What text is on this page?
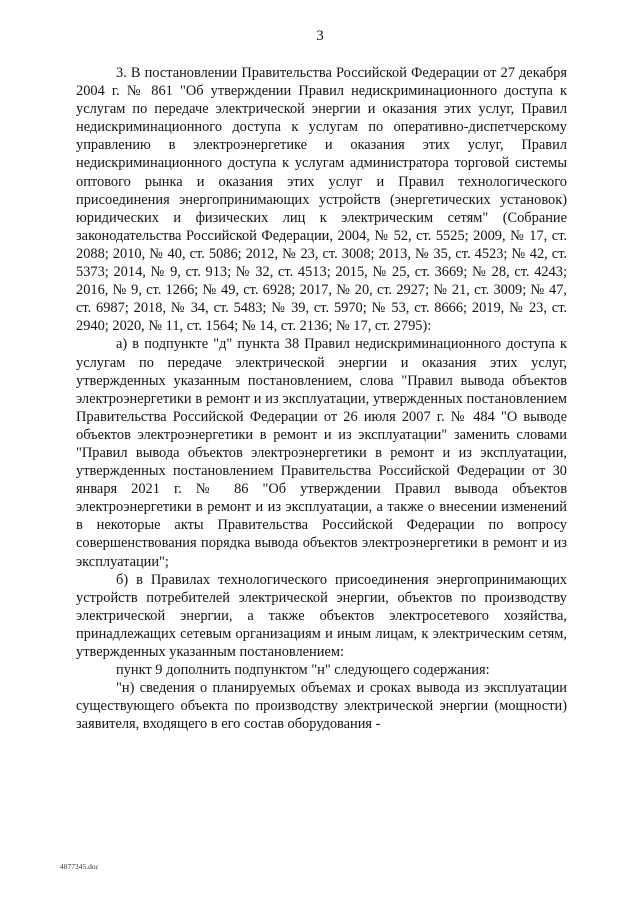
3

3. В постановлении Правительства Российской Федерации от 27 декабря 2004 г. № 861 "Об утверждении Правил недискриминационного доступа к услугам по передаче электрической энергии и оказания этих услуг, Правил недискриминационного доступа к услугам по оперативно-диспетчерскому управлению в электроэнергетике и оказания этих услуг, Правил недискриминационного доступа к услугам администратора торговой системы оптового рынка и оказания этих услуг и Правил технологического присоединения энергопринимающих устройств (энергетических установок) юридических и физических лиц к электрическим сетям" (Собрание законодательства Российской Федерации, 2004, № 52, ст. 5525; 2009, № 17, ст. 2088; 2010, № 40, ст. 5086; 2012, № 23, ст. 3008; 2013, № 35, ст. 4523; № 42, ст. 5373; 2014, № 9, ст. 913; № 32, ст. 4513; 2015, № 25, ст. 3669; № 28, ст. 4243; 2016, № 9, ст. 1266; № 49, ст. 6928; 2017, № 20, ст. 2927; № 21, ст. 3009; № 47, ст. 6987; 2018, № 34, ст. 5483; № 39, ст. 5970; № 53, ст. 8666; 2019, № 23, ст. 2940; 2020, № 11, ст. 1564; № 14, ст. 2136; № 17, ст. 2795):

а) в подпункте "д" пункта 38 Правил недискриминационного доступа к услугам по передаче электрической энергии и оказания этих услуг, утвержденных указанным постановлением, слова "Правил вывода объектов электроэнергетики в ремонт и из эксплуатации, утвержденных постановлением Правительства Российской Федерации от 26 июля 2007 г. № 484 "О выводе объектов электроэнергетики в ремонт и из эксплуатации" заменить словами "Правил вывода объектов электроэнергетики в ремонт и из эксплуатации, утвержденных постановлением Правительства Российской Федерации от 30 января 2021 г. № 86 "Об утверждении Правил вывода объектов электроэнергетики в ремонт и из эксплуатации, а также о внесении изменений в некоторые акты Правительства Российской Федерации по вопросу совершенствования порядка вывода объектов электроэнергетики в ремонт и из эксплуатации";

б) в Правилах технологического присоединения энергопринимающих устройств потребителей электрической энергии, объектов по производству электрической энергии, а также объектов электросетевого хозяйства, принадлежащих сетевым организациям и иным лицам, к электрическим сетям, утвержденных указанным постановлением:

пункт 9 дополнить подпунктом "н" следующего содержания:

"н) сведения о планируемых объемах и сроках вывода из эксплуатации существующего объекта по производству электрической энергии (мощности) заявителя, входящего в его состав оборудования -

4877345.doc
